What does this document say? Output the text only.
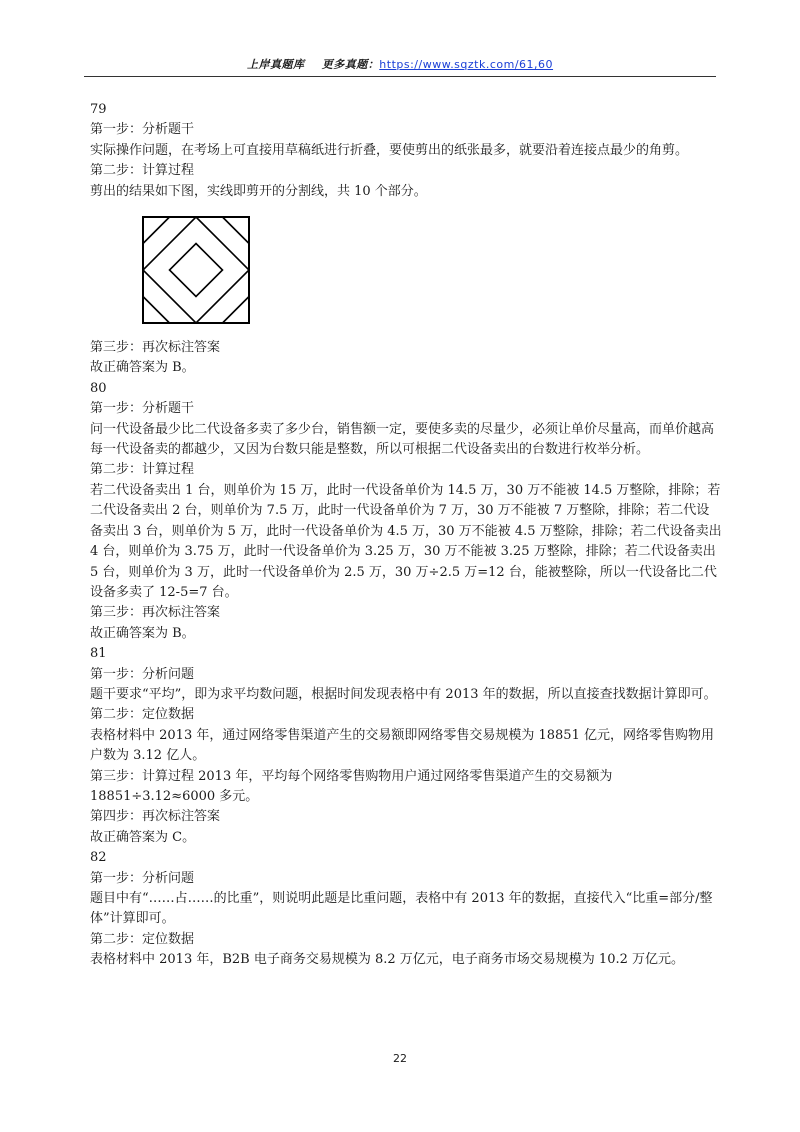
上岸真题库 更多真题：https://www.sqztk.com/61,60

79

第一步：分析题干

实际操作问题，在考场上可直接用草稿纸进行折叠，要使剪出的纸张最多，就要沿着连接点最少的角剪。

第二步：计算过程

剪出的结果如下图，实线即剪开的分割线，共 10 个部分。

第三步：再次标注答案

故正确答案为 B。

80

第一步：分析题干

问一代设备最少比二代设备多卖了多少台，销售额一定，要使多卖的尽量少，必须让单价尽量高，而单价越高每一代设备卖的都越少，又因为台数只能是整数，所以可根据二代设备卖出的台数进行枚举分析。

第二步：计算过程

若二代设备卖出 1 台，则单价为 15 万，此时一代设备单价为 14.5 万，30 万不能被 14.5 万整除，排除；若二代设备卖出 2 台，则单价为 7.5 万，此时一代设备单价为 7 万，30 万不能被 7 万整除，排除；若二代设备卖出 3 台，则单价为 5 万，此时一代设备单价为 4.5 万，30 万不能被 4.5 万整除，排除；若二代设备卖出 4 台，则单价为 3.75 万，此时一代设备单价为 3.25 万，30 万不能被 3.25 万整除，排除；若二代设备卖出 5 台，则单价为 3 万，此时一代设备单价为 2.5 万，30 万÷2.5 万=12 台，能被整除，所以一代设备比二代设备多卖了 12-5=7 台。

第三步：再次标注答案

故正确答案为 B。

81

第一步：分析问题

题干要求“平均”，即为求平均数问题，根据时间发现表格中有 2013 年的数据，所以直接查找数据计算即可。

第二步：定位数据

表格材料中 2013 年，通过网络零售渠道产生的交易额即网络零售交易规模为 18851 亿元，网络零售购物用户数为 3.12 亿人。

第三步：计算过程 2013 年，平均每个网络零售购物用户通过网络零售渠道产生的交易额为 18851÷3.12≈6000 多元。

第四步：再次标注答案

故正确答案为 C。

82

第一步：分析问题

题目中有“……占……的比重”，则说明此题是比重问题，表格中有 2013 年的数据，直接代入“比重=部分/整体”计算即可。

第二步：定位数据

表格材料中 2013 年，B2B 电子商务交易规模为 8.2 万亿元，电子商务市场交易规模为 10.2 万亿元。

22
